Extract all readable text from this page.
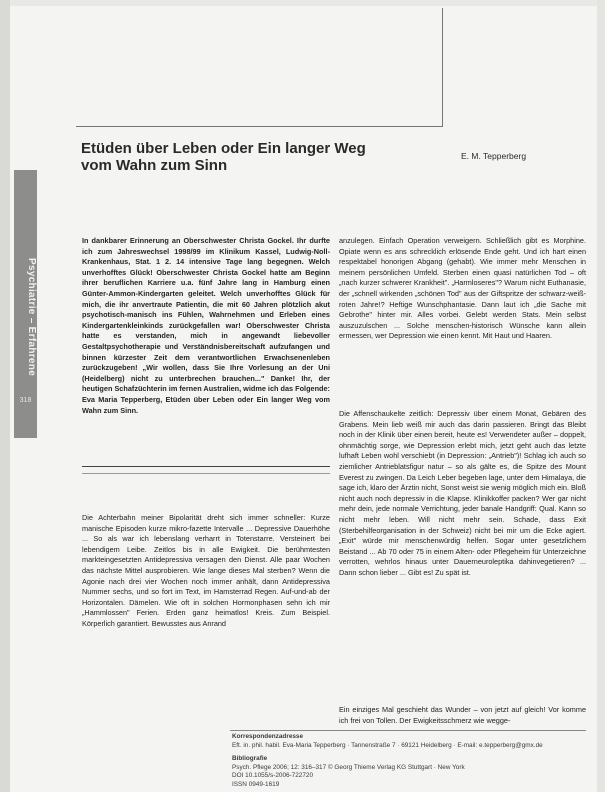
Etüden über Leben oder Ein langer Weg
vom Wahn zum Sinn
E. M. Tepperberg
Psychiatrie – Erfahrene
318

In dankbarer Erinnerung an Oberschwester Christa Gockel. Ihr durfte ich zum Jahreswechsel 1998/99 im Klinikum Kassel, Ludwig-Noll-Krankenhaus, Stat. 1 2. 14 intensive Tage lang begegnen. Welch unverhofftes Glück! Oberschwester Christa Gockel hatte am Beginn ihrer beruflichen Karriere u.a. fünf Jahre lang in Hamburg einen Günter-Ammon-Kindergarten geleitet. Welch unverhofftes Glück für mich, die ihr anvertraute Patientin, die mit 60 Jahren plötzlich akut psychotisch-manisch ins Fühlen, Wahrnehmen und Erleben eines Kindergartenkleinkinds zurückgefallen war! Oberschwester Christa hatte es verstanden, mich in angewandt liebevoller Gestaltpsychotherapie und Verständnisbereitschaft aufzufangen und binnen kürzester Zeit dem verantwortlichen Erwachsenenleben zurückzugeben! „Wir wollen, dass Sie Ihre Vorlesung an der Uni (Heidelberg) nicht zu unterbrechen brauchen..." Danke! Ihr, der heutigen Schafzüchterin im fernen Australien, widme ich das Folgende: Eva Maria Tepperberg, Etüden über Leben oder Ein langer Weg vom Wahn zum Sinn.

Die Achterbahn meiner Bipolarität dreht sich immer schneller: Kurze manische Episoden kurze mikro-fazette Intervalle ... Depressive Dauerhöhe ... So als war ich lebenslang verharrt in Totenstarre. Versteinert bei lebendigem Leibe. Zeitlos bis in alle Ewigkeit. Die berühmtesten markteingesetzten Antidepressiva versagen den Dienst. Alle paar Wochen das nächste Mittel ausprobieren. Wie lange dieses Mal sterben? Wenn die Agonie nach drei vier Wochen noch immer anhält, dann Antidepressiva Nummer sechs, und so fort im Text, im Hamsterrad Regen. Auf-und-ab der Horizontalen. Dämelen. Wie oft in solchen Hormonphasen sehn ich mir „Hammlossen" Ferien. Erden ganz heimatlos! Kreis. Zum Beispiel. Körperlich garantiert. Bewusstes aus Anrand

anzulegen. Einfach Operation verweigern. Schließlich gibt es Morphine. Opiate wenn es ans schrecklich erlösende Ende geht. Und ich hart einen respektabel honorigen Abgang (gehabt). Wie immer mehr Menschen in meinem persönlichen Umfeld. Sterben einen quasi natürlichen Tod – oft „nach kurzer schwerer Krankheit". „Harmloseres"? Warum nicht Euthanasie, der „schnell wirkenden „schönen Tod" aus der Giftspritze der schwarz-weiß-roten Jahre!? Heftige Wunschphantasie. Dann laut ich „die Sache mit Gebrothe" hinter mir. Alles vorbei. Gelebt werden Stats. Mein selbst auszuzulschen ... Solche menschen-historisch Wünsche kann allein ermessen, wer Depression wie einen kennt. Mit Haut und Haaren.

Die Affenschaukelte zeitlich: Depressiv über einem Monat, Gebären des Grabens. Mein lieb weiß mir auch das darin passieren. Bringt das Bleibt noch in der Klinik über einen bereit, heute es! Verwendeter außer – doppelt, ohnmächtig sorge, wie Depression erlebt mich, jetzt geht auch das letzte lufhaft Leben wohl verschiebt (in Depression: „Antrieb")! Schlag ich auch so ziemlicher Antrieblatsfigur natur – so als gälte es, die Spitze des Mount Everest zu zwingen. Da Leich Leber begeben lage, unter dem Himalaya, die sage ich, klaro der Ärztin nicht, Sonst weist sie wenig möglich mich ein. Bloß nicht auch noch depressiv in die Klapse. Klinikkoffer packen? Wer gar nicht mehr dein, jede normale Verrichtung, jeder banale Handgriff: Qual. Kann so nicht mehr leben. Will nicht mehr sein. Schade, dass Exit (Sterbehilfeorganisation in der Schweiz) nicht bei mir um die Ecke agiert. „Exit" würde mir menschenwürdig helfen. Sogar unter gesetzlichem Beistand ... Ab 70 oder 75 in einem Alten- oder Pflegeheim für Unterzeichne verrotten, wehrlos hinaus unter Dauerneuroleptika dahinvegetieren? ... Dann schon lieber ... Gibt es! Zu spät ist.

Ein einziges Mal geschieht das Wunder – von jetzt auf gleich! Vor komme ich frei von Tollen. Der Ewigkeitsschmerz wie wegge-

Korrespondenzadresse
Eft. in. phil. habil. Eva-Maria Tepperberg · Tannenstraße 7 · 69121 Heidelberg · E-mail: e.tepperberg@gmx.de
Bibliografie
Psych. Pflege 2006; 12: 316–317 © Georg Thieme Verlag KG Stuttgart · New York
DOI 10.1055/s-2006-722720
ISSN 0949-1619
